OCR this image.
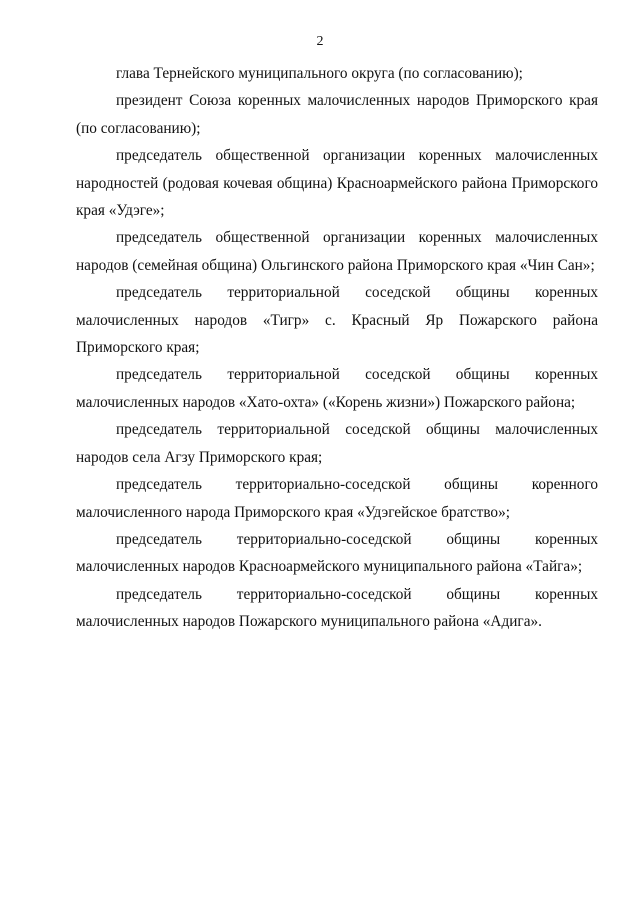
2

глава Тернейского муниципального округа (по согласованию);

президент Союза коренных малочисленных народов Приморского края (по согласованию);

председатель общественной организации коренных малочисленных народностей (родовая кочевая община) Красноармейского района Приморского края «Удэге»;

председатель общественной организации коренных малочисленных народов (семейная община) Ольгинского района Приморского края «Чин Сан»;

председатель территориальной соседской общины коренных малочисленных народов «Тигр» с. Красный Яр Пожарского района Приморского края;

председатель территориальной соседской общины коренных малочисленных народов «Хато-охта» («Корень жизни») Пожарского района;

председатель территориальной соседской общины малочисленных народов села Агзу Приморского края;

председатель территориально-соседской общины коренного малочисленного народа Приморского края «Удэгейское братство»;

председатель территориально-соседской общины коренных малочисленных народов Красноармейского муниципального района «Тайга»;

председатель территориально-соседской общины коренных малочисленных народов Пожарского муниципального района «Адига».
